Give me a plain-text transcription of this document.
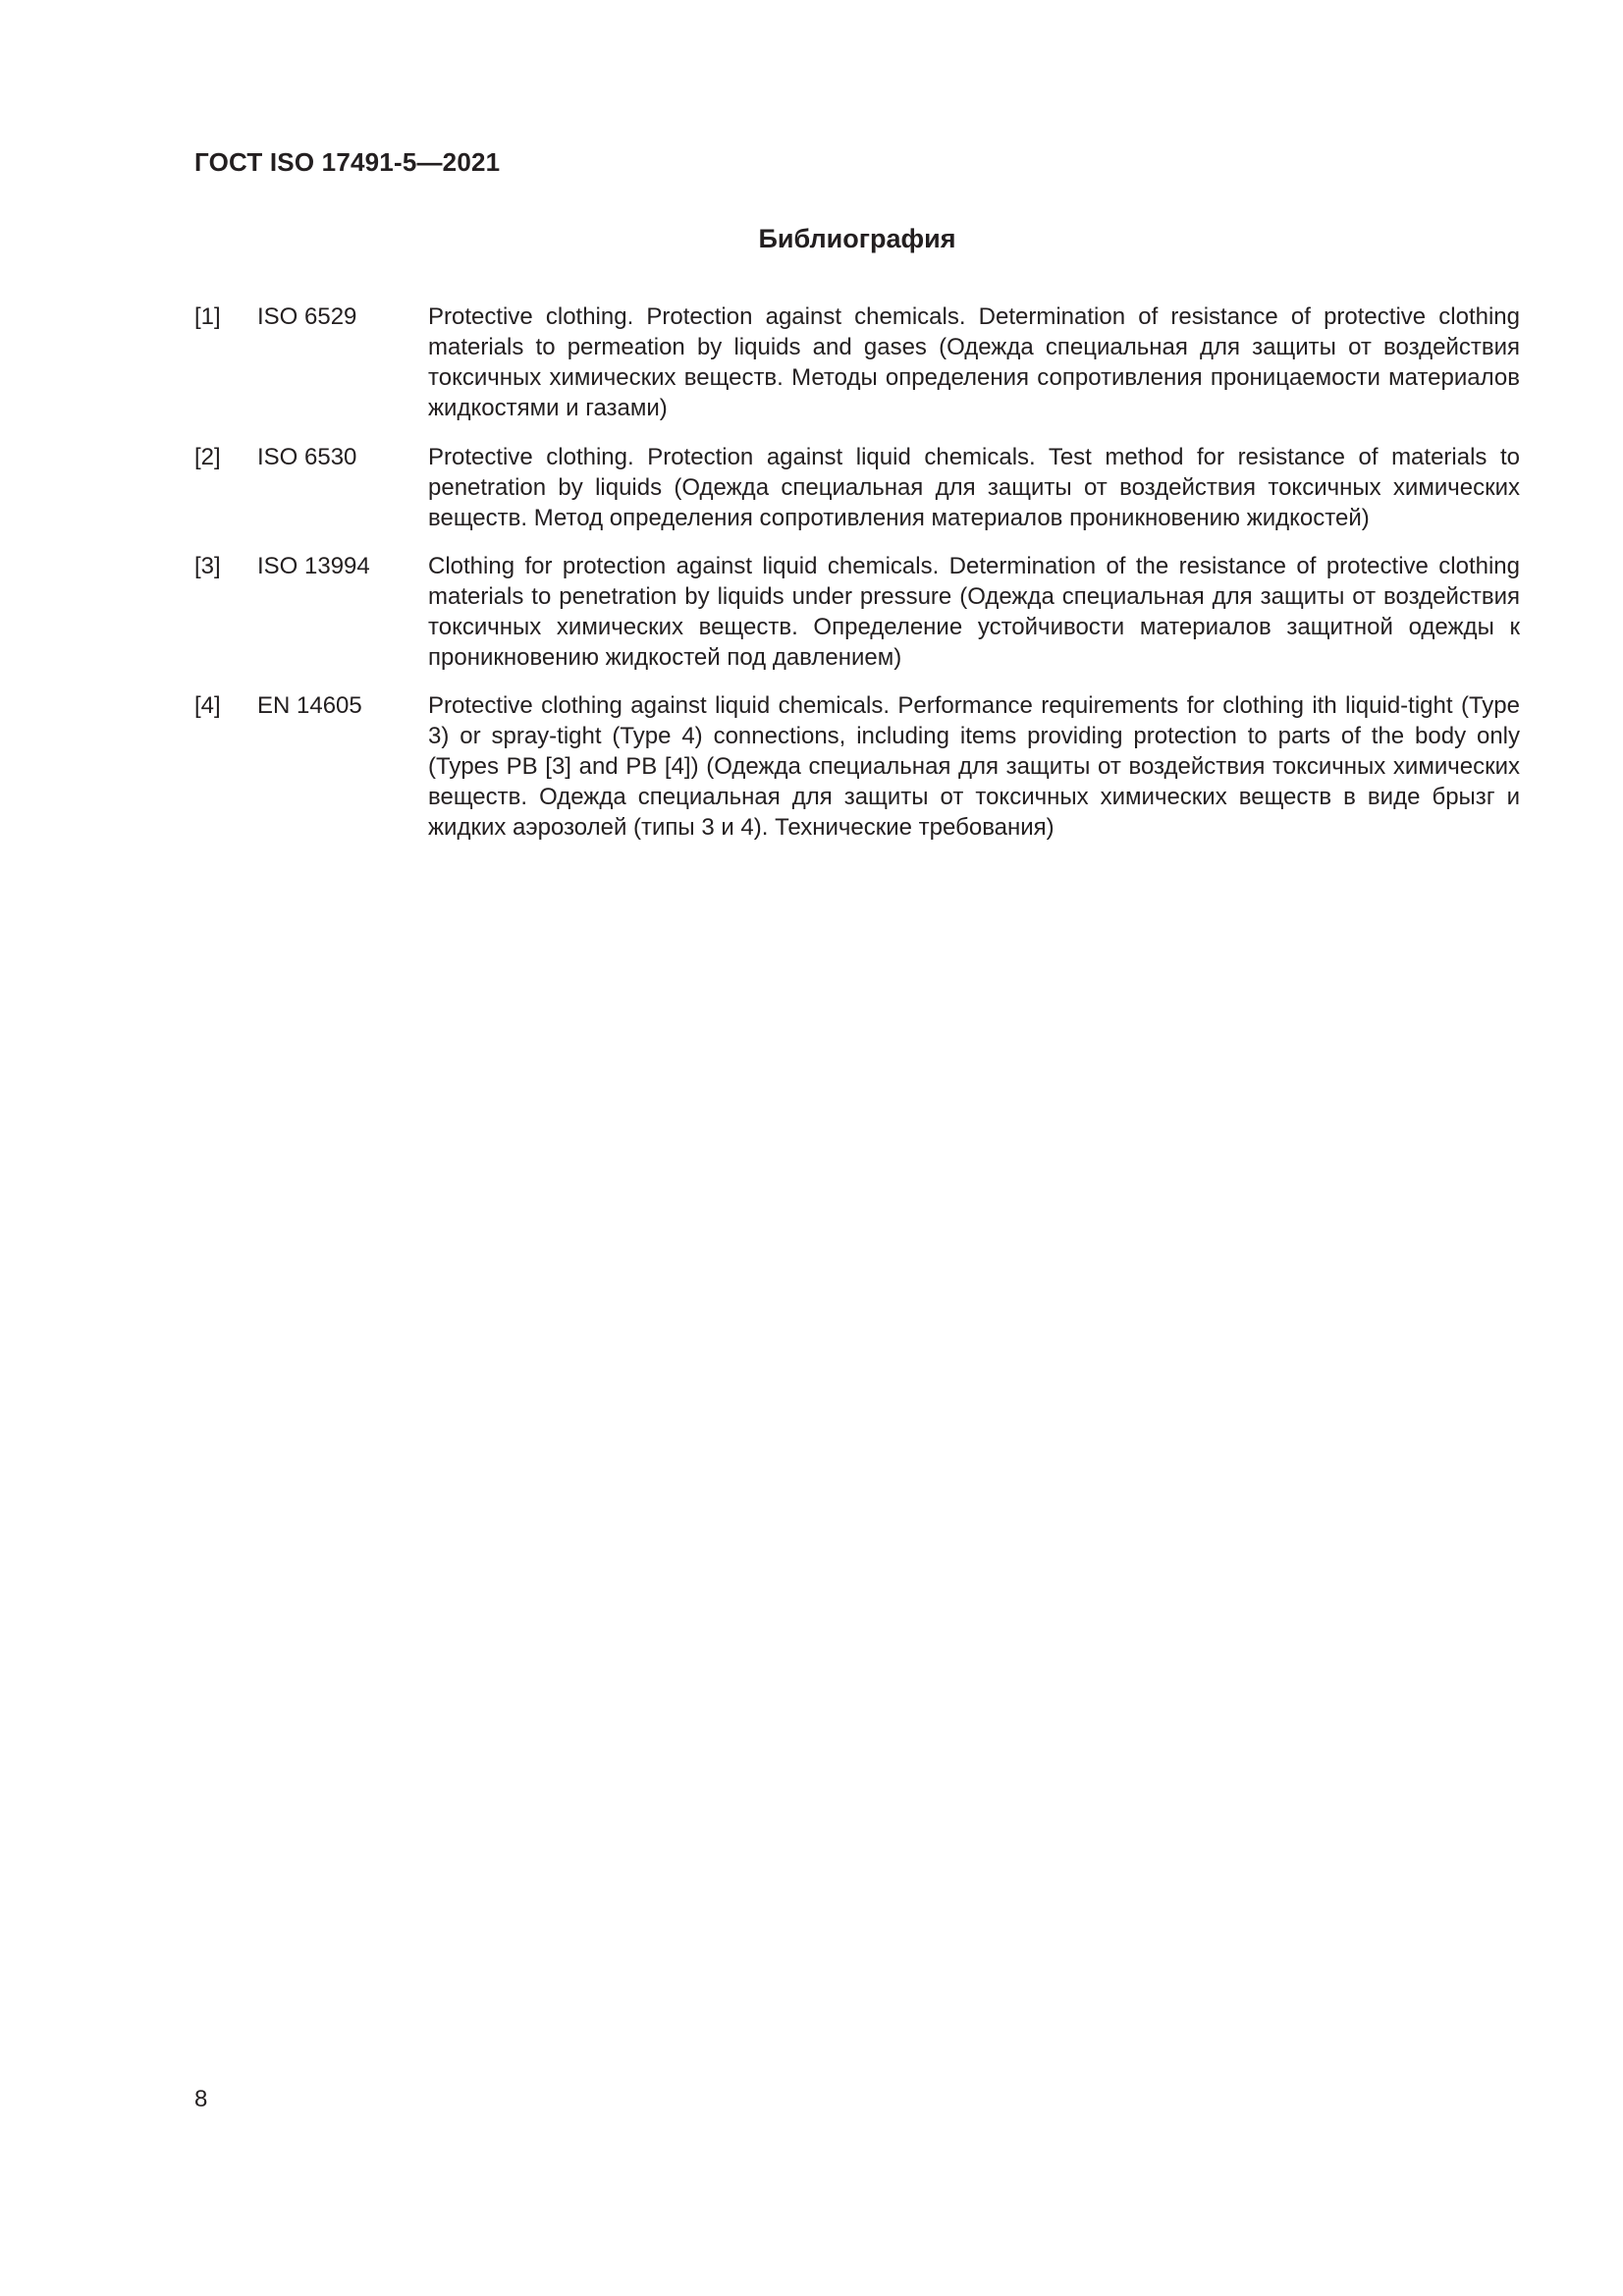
ГОСТ ISO 17491-5—2021
Библиография
[1] ISO 6529	Protective clothing. Protection against chemicals. Determination of resistance of protective clothing materials to permeation by liquids and gases (Одежда специальная для защиты от воздействия токсичных химических веществ. Методы определения сопротивления проницаемости материалов жидкостями и газами)
[2] ISO 6530	Protective clothing. Protection against liquid chemicals. Test method for resistance of materials to penetration by liquids (Одежда специальная для защиты от воздействия токсичных химических веществ. Метод определения сопротивления материалов проникновению жидкостей)
[3] ISO 13994 Clothing for protection against liquid chemicals. Determination of the resistance of protective clothing materials to penetration by liquids under pressure (Одежда специальная для защиты от воздействия токсичных химических веществ. Определение устойчивости материалов защитной одежды к проникновению жидкостей под давлением)
[4] EN 14605	Protective clothing against liquid chemicals. Performance requirements for clothing ith liquid-tight (Type 3) or spray-tight (Type 4) connections, including items providing protection to parts of the body only (Types PB [3] and PB [4]) (Одежда специальная для защиты от воздействия токсичных химических веществ. Одежда специальная для защиты от токсичных химических веществ в виде брызг и жидких аэрозолей (типы 3 и 4). Технические требования)
8
